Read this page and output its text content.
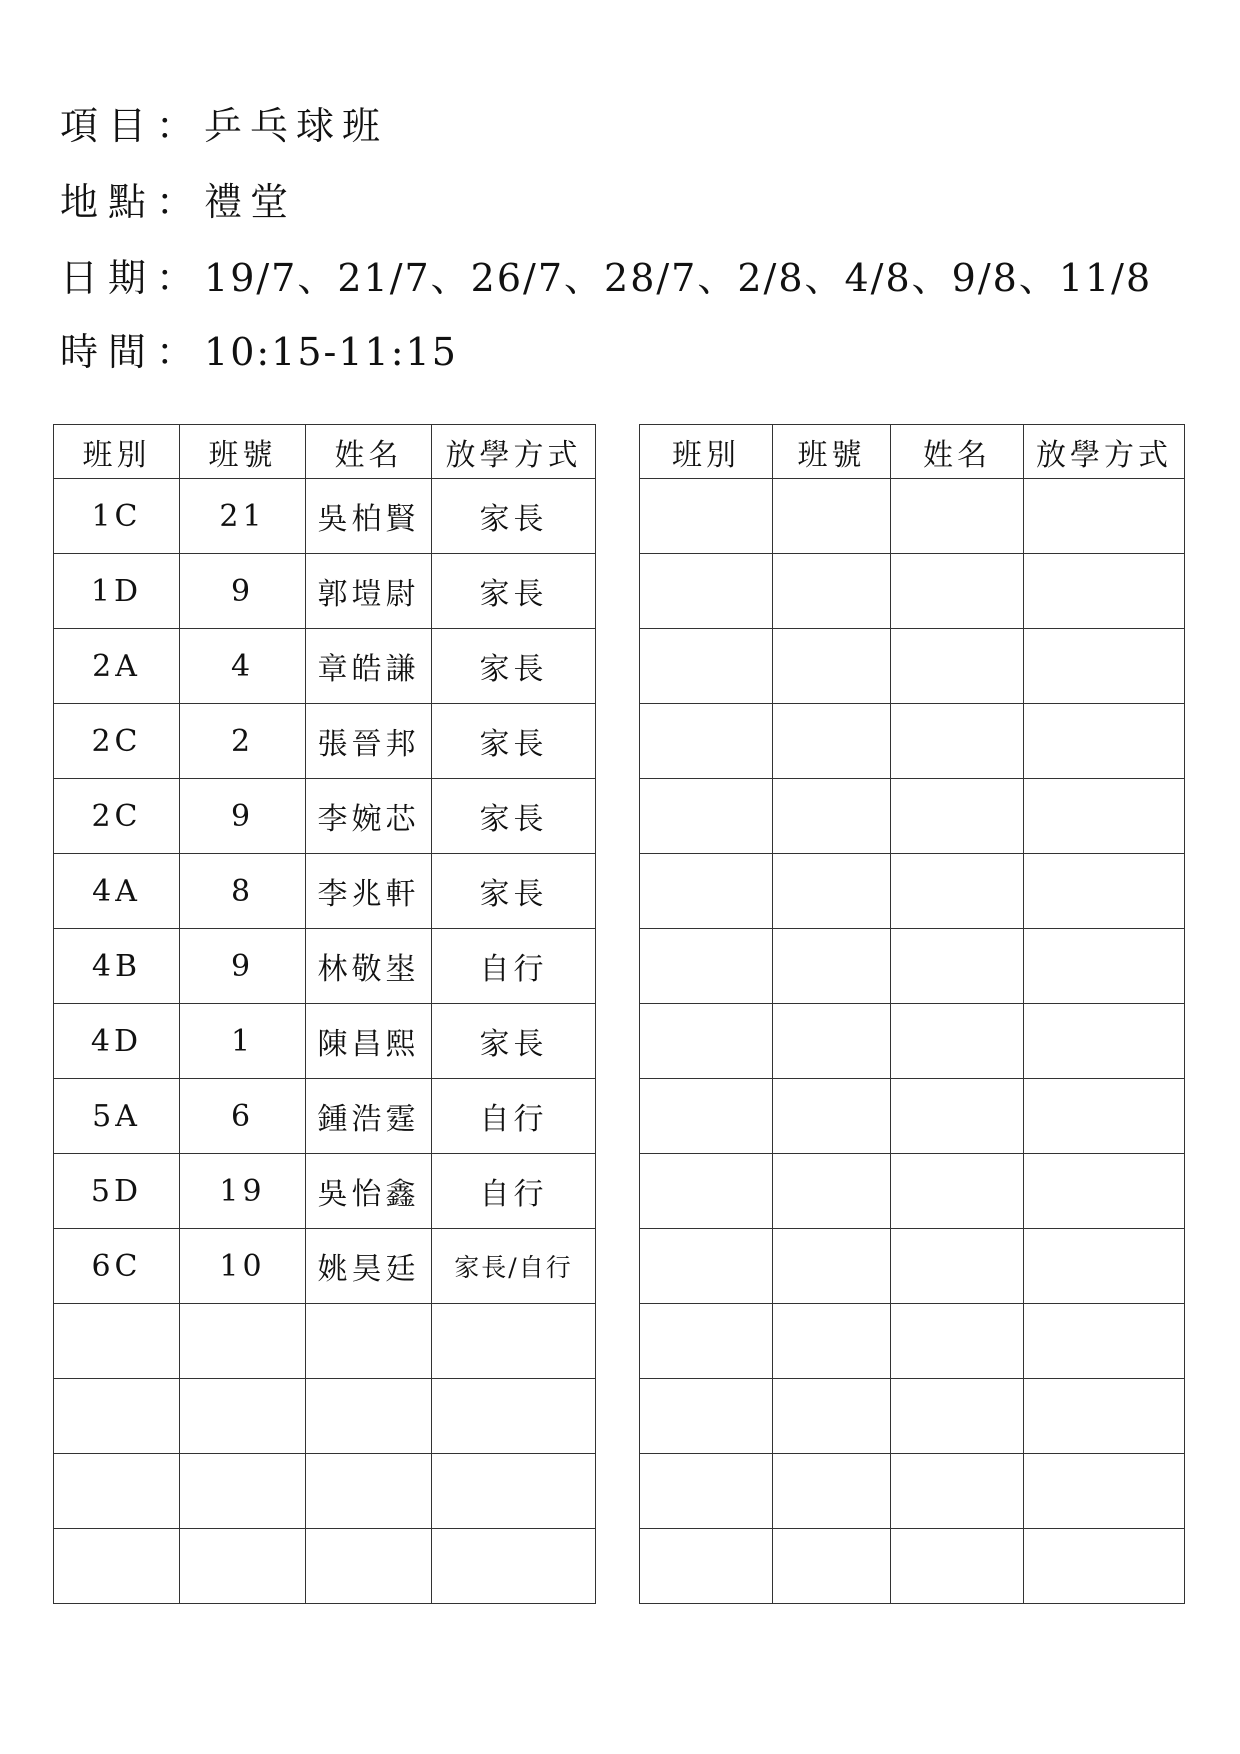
項目：乒乓球班
地點：禮堂
日期：19/7、21/7、26/7、28/7、2/8、4/8、9/8、11/8
時間：10:15-11:15
班別	班號	姓名	放學方式
1C	21	吳柏賢	家長
1D	9	郭塏尉	家長
2A	4	章皓謙	家長
2C	2	張晉邦	家長
2C	9	李婉芯	家長
4A	8	李兆軒	家長
4B	9	林敬埊	自行
4D	1	陳昌熙	家長
5A	6	鍾浩霆	自行
5D	19	吳怡鑫	自行
6C	10	姚昊廷	家長/自行

班別	班號	姓名	放學方式
